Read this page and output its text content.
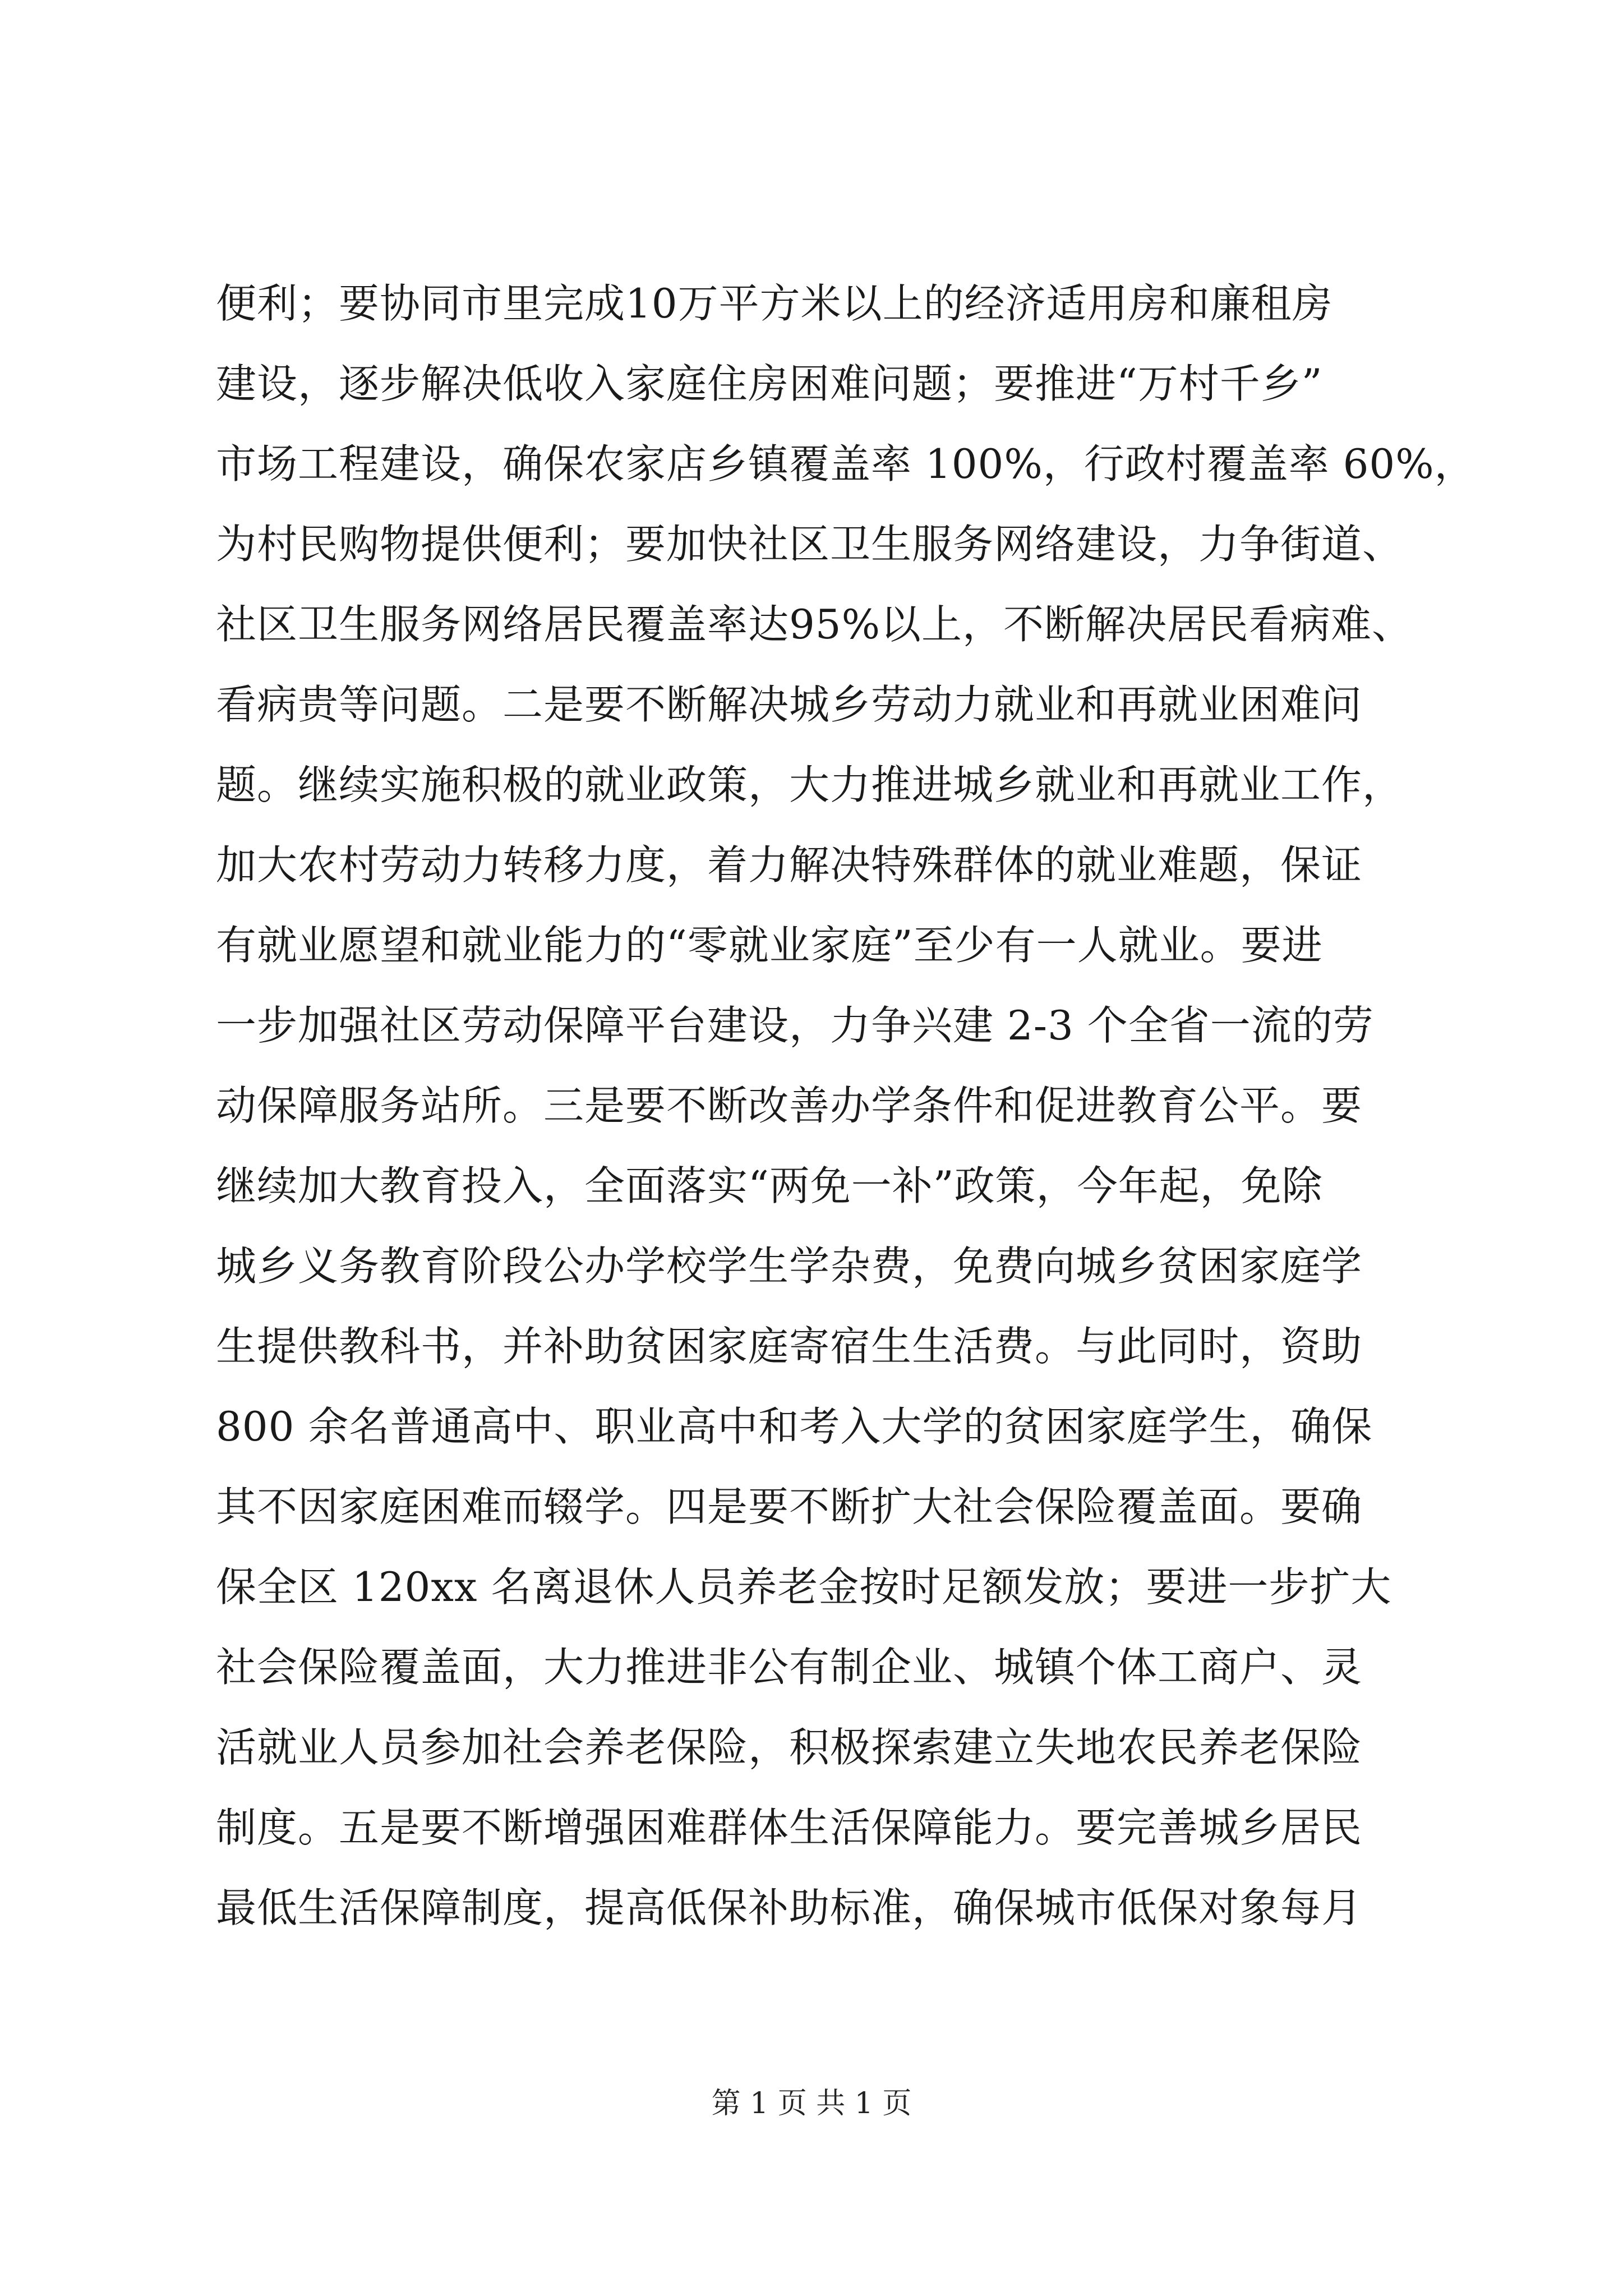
便利；要协同市里完成10万平方米以上的经济适用房和廉租房
建设，逐步解决低收入家庭住房困难问题；要推进“万村千乡”
市场工程建设，确保农家店乡镇覆盖率 100%，行政村覆盖率 60%，
为村民购物提供便利；要加快社区卫生服务网络建设，力争街道、
社区卫生服务网络居民覆盖率达95%以上，不断解决居民看病难、
看病贵等问题。二是要不断解决城乡劳动力就业和再就业困难问
题。继续实施积极的就业政策，大力推进城乡就业和再就业工作，
加大农村劳动力转移力度，着力解决特殊群体的就业难题，保证
有就业愿望和就业能力的“零就业家庭”至少有一人就业。要进
一步加强社区劳动保障平台建设，力争兴建 2-3 个全省一流的劳
动保障服务站所。三是要不断改善办学条件和促进教育公平。要
继续加大教育投入，全面落实“两免一补”政策，今年起，免除
城乡义务教育阶段公办学校学生学杂费，免费向城乡贫困家庭学
生提供教科书，并补助贫困家庭寄宿生生活费。与此同时，资助
800 余名普通高中、职业高中和考入大学的贫困家庭学生，确保
其不因家庭困难而辍学。四是要不断扩大社会保险覆盖面。要确
保全区 120xx 名离退休人员养老金按时足额发放；要进一步扩大
社会保险覆盖面，大力推进非公有制企业、城镇个体工商户、灵
活就业人员参加社会养老保险，积极探索建立失地农民养老保险
制度。五是要不断增强困难群体生活保障能力。要完善城乡居民
最低生活保障制度，提高低保补助标准，确保城市低保对象每月
第 1 页 共 1 页
